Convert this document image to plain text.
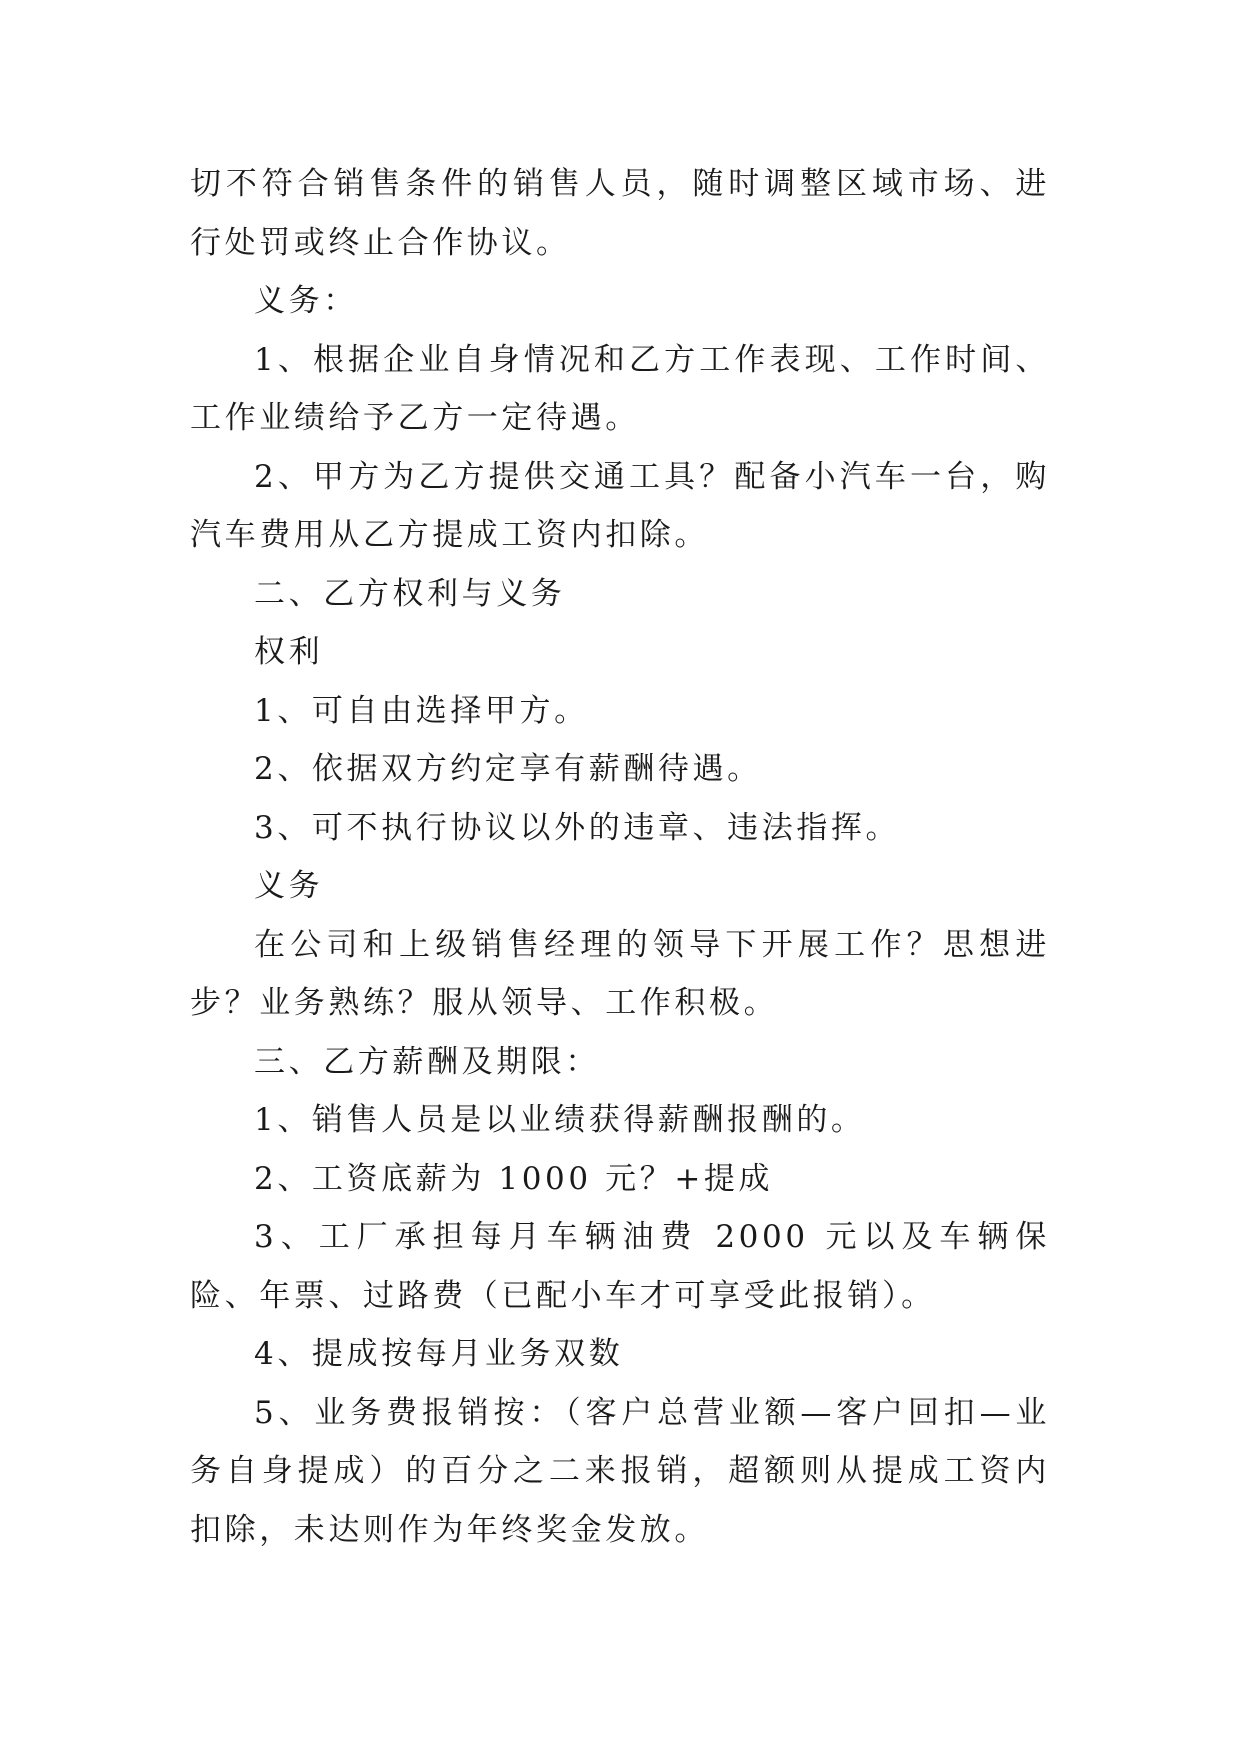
切不符合销售条件的销售人员，随时调整区域市场、进行处罚或终止合作协议。

义务：

1、根据企业自身情况和乙方工作表现、工作时间、工作业绩给予乙方一定待遇。

2、甲方为乙方提供交通工具？配备小汽车一台，购汽车费用从乙方提成工资内扣除。

二、乙方权利与义务

权利

1、可自由选择甲方。

2、依据双方约定享有薪酬待遇。

3、可不执行协议以外的违章、违法指挥。

义务

在公司和上级销售经理的领导下开展工作？思想进步？业务熟练？服从领导、工作积极。

三、乙方薪酬及期限：

1、销售人员是以业绩获得薪酬报酬的。

2、工资底薪为 1000 元？+提成

3、工厂承担每月车辆油费 2000 元以及车辆保险、年票、过路费（已配小车才可享受此报销）。

4、提成按每月业务双数

5、业务费报销按：（客户总营业额—客户回扣—业务自身提成）的百分之二来报销，超额则从提成工资内扣除，未达则作为年终奖金发放。
